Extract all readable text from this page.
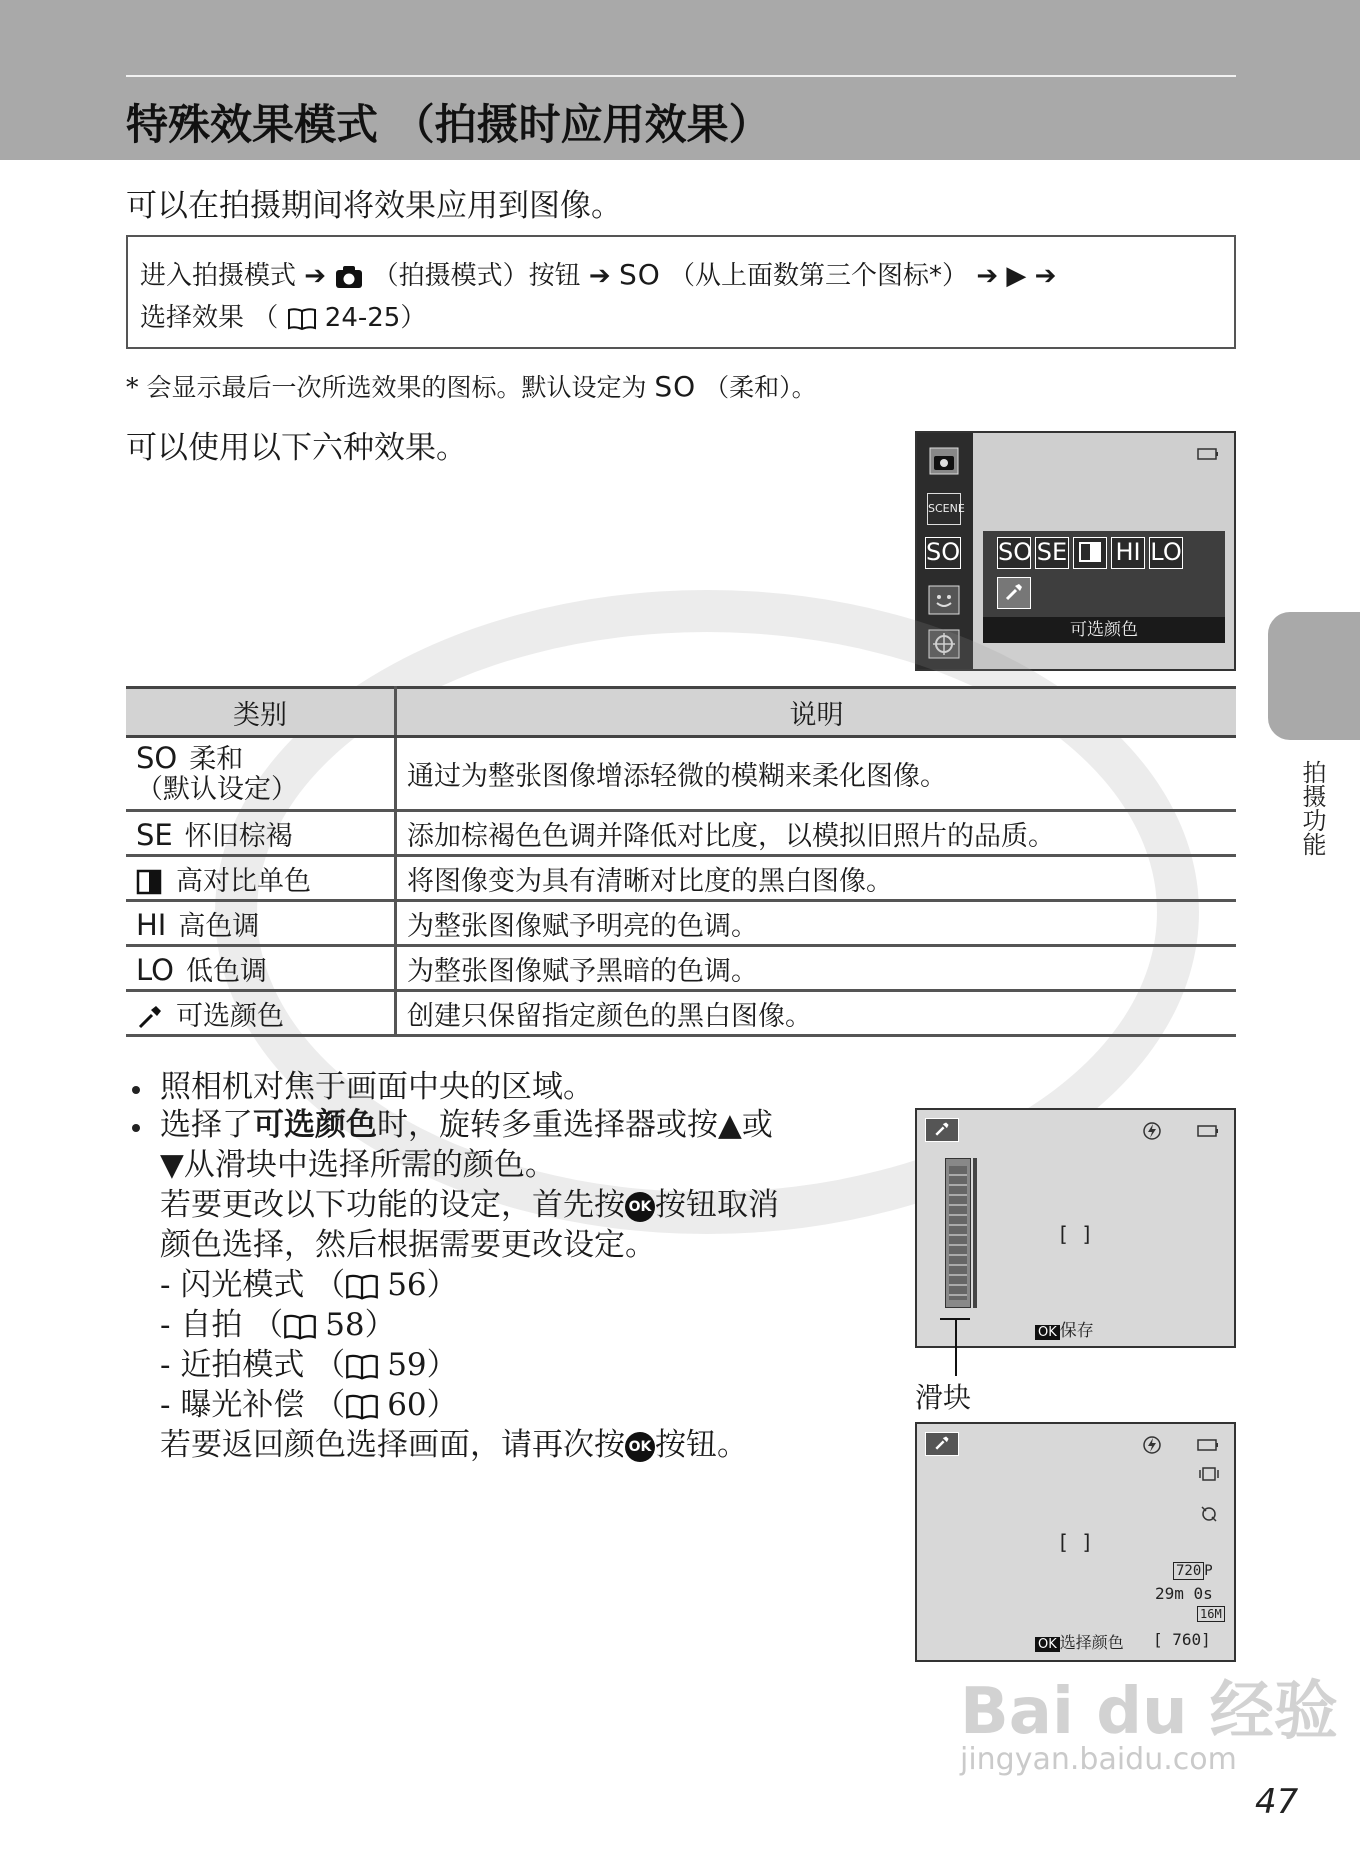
特殊效果模式 （拍摄时应用效果）
可以在拍摄期间将效果应用到图像。
进入拍摄模式 ➔ （拍摄模式）按钮 ➔ SO （从上面数第三个图标*） ➔ ▶ ➔
选择效果 （ 24-25）
* 会显示最后一次所选效果的图标。默认设定为 SO （柔和）。
可以使用以下六种效果。
SCENE
SO SO SE HI LO
可选颜色
拍摄功能
类别	说明
SO 柔和
（默认设定）	通过为整张图像增添轻微的模糊来柔化图像。
SE 怀旧棕褐	添加棕褐色色调并降低对比度，以模拟旧照片的品质。
高对比单色	将图像变为具有清晰对比度的黑白图像。
HI 高色调	为整张图像赋予明亮的色调。
LO 低色调	为整张图像赋予黑暗的色调。
可选颜色	创建只保留指定颜色的黑白图像。
照相机对焦于画面中央的区域。
选择了可选颜色时，旋转多重选择器或按▲或
▼从滑块中选择所需的颜色。
若要更改以下功能的设定，首先按 OK 按钮取消
颜色选择，然后根据需要更改设定。
- 闪光模式 （ 56）
- 自拍 （ 58）
- 近拍模式 （ 59）
- 曝光补偿 （ 60）
若要返回颜色选择画面，请再次按 OK 按钮。
[ ]
OK 保存
滑块
[ ]
720 P
29m 0s
16M
OK 选择颜色 [ 760]
Bai du 经验
jingyan.baidu.com
47
